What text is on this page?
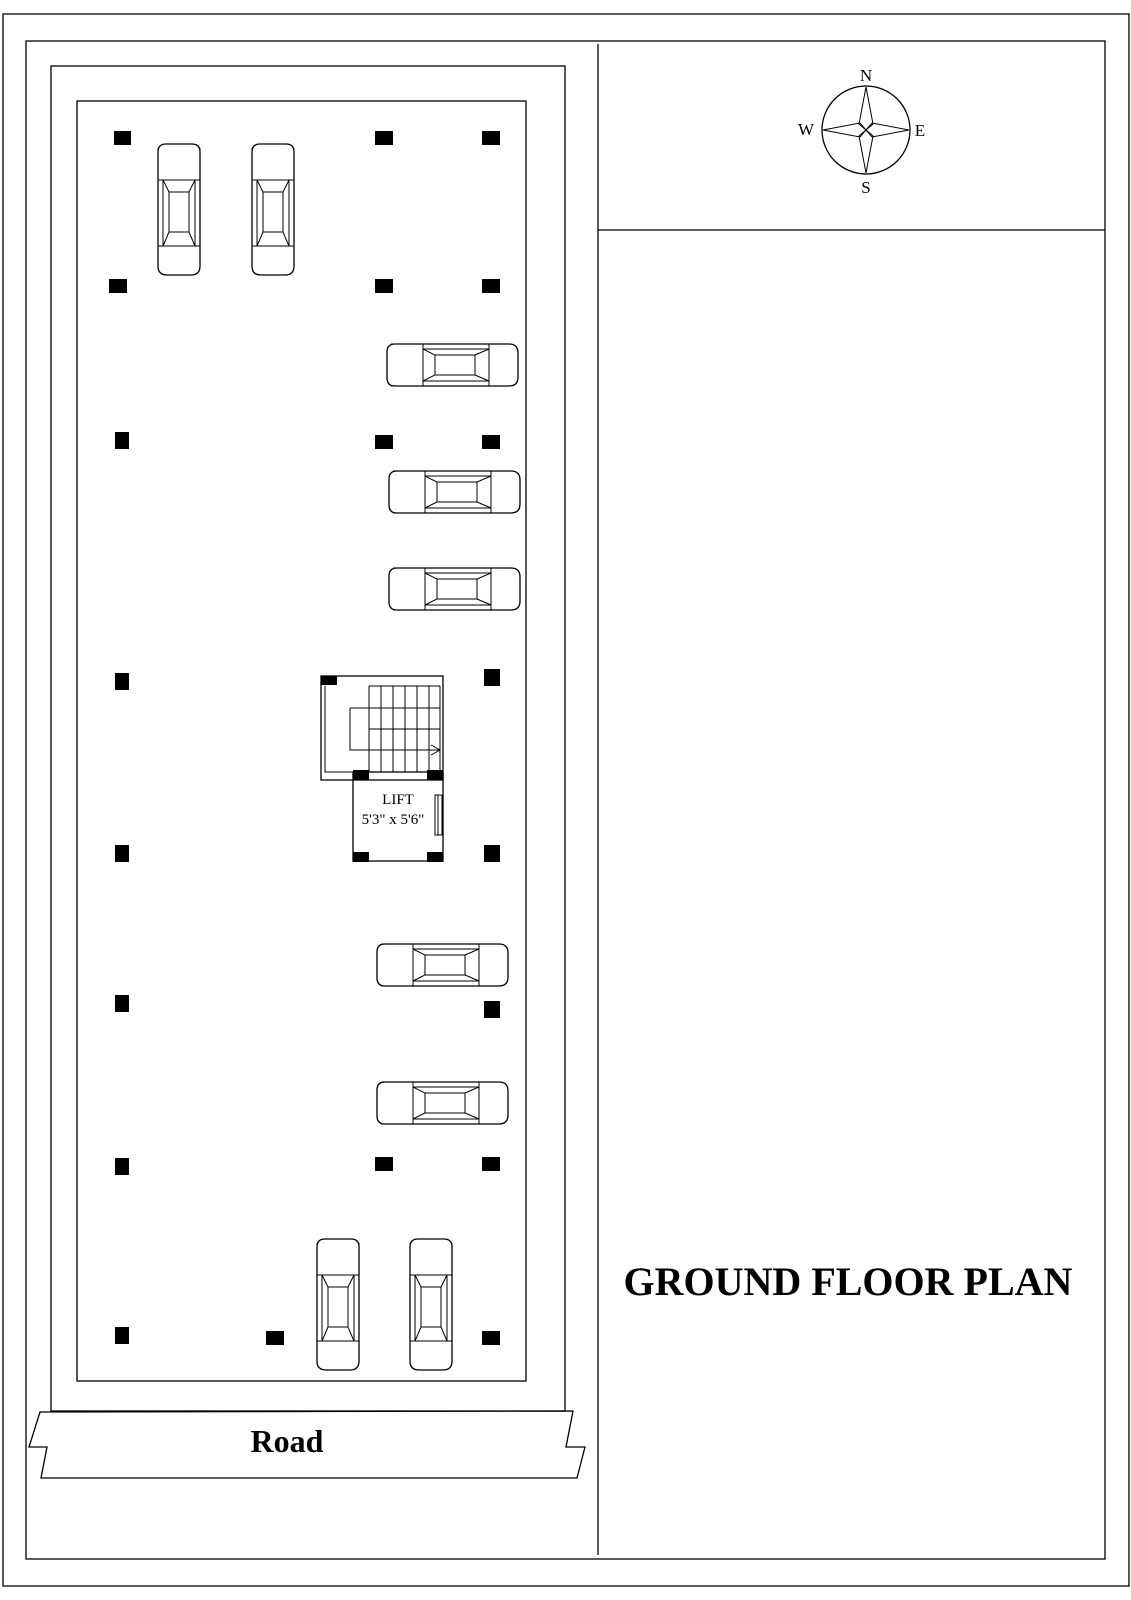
Road
N
S
E
W
GROUND FLOOR PLAN
LIFT
5'3" x 5'6"
